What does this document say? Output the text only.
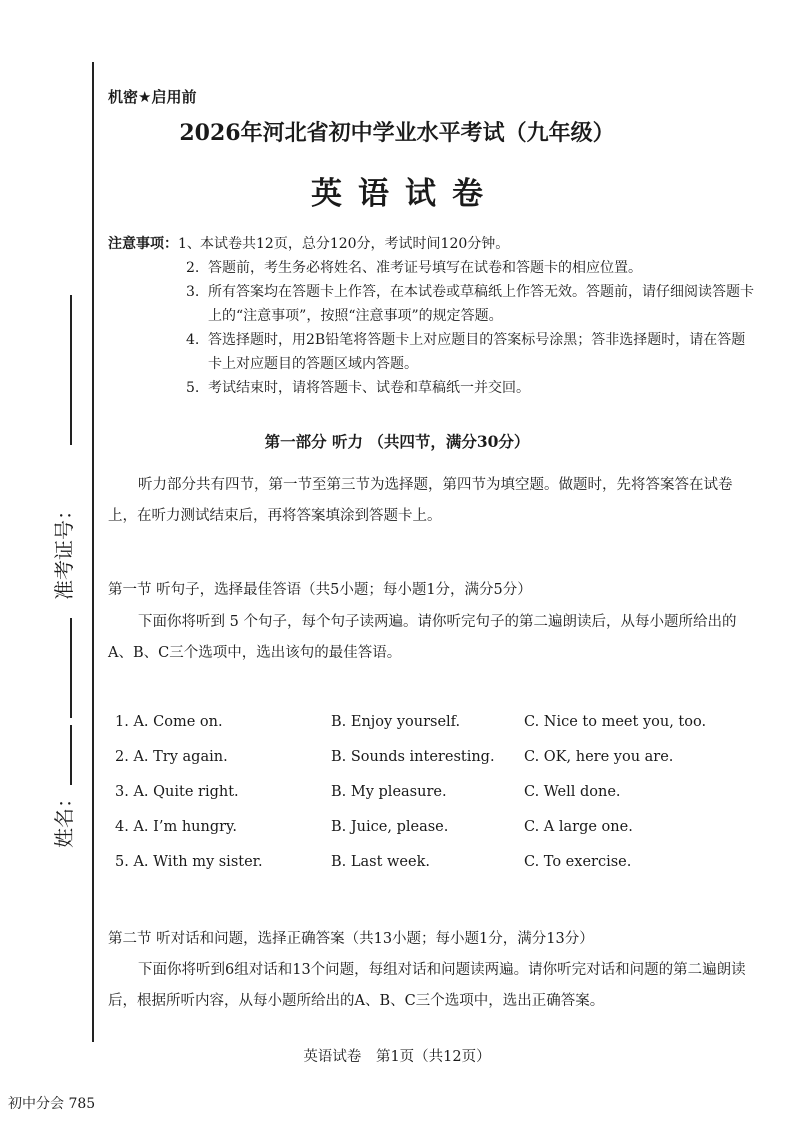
准考证号：
姓名：
机密★启用前
2026年河北省初中学业水平考试（九年级）
英语试卷
注意事项： 1、 本试卷共12页，总分120分，考试时间120分钟。
2. 答题前，考生务必将姓名、准考证号填写在试卷和答题卡的相应位置。
3. 所有答案均在答题卡上作答，在本试卷或草稿纸上作答无效。答题前，请仔细阅读答题卡上的“注意事项”，按照“注意事项”的规定答题。
4. 答选择题时，用2B铅笔将答题卡上对应题目的答案标号涂黑；答非选择题时，请在答题卡上对应题目的答题区域内答题。
5. 考试结束时，请将答题卡、试卷和草稿纸一并交回。
第一部分 听力 （共四节，满分30分）
听力部分共有四节，第一节至第三节为选择题，第四节为填空题。做题时，先将答案答在试卷上，在听力测试结束后，再将答案填涂到答题卡上。
第一节 听句子，选择最佳答语（共5小题；每小题1分，满分5分）
下面你将听到 5 个句子，每个句子读两遍。请你听完句子的第二遍朗读后，从每小题所给出的A、B、C三个选项中，选出该句的最佳答语。
1. A. Come on.	B. Enjoy yourself.	C. Nice to meet you, too.
2. A. Try again.	B. Sounds interesting. C. OK, here you are.
3. A. Quite right.	B. My pleasure.	C. Well done.
4. A. I’m hungry.	B. Juice, please.	C. A large one.
5. A. With my sister.	B. Last week.	C. To exercise.
第二节 听对话和问题，选择正确答案（共13小题；每小题1分，满分13分）
下面你将听到6组对话和13个问题，每组对话和问题读两遍。请你听完对话和问题的第二遍朗读后，根据所听内容，从每小题所给出的A、B、C三个选项中，选出正确答案。
英语试卷 第1页（共12页）
初中分会 785
